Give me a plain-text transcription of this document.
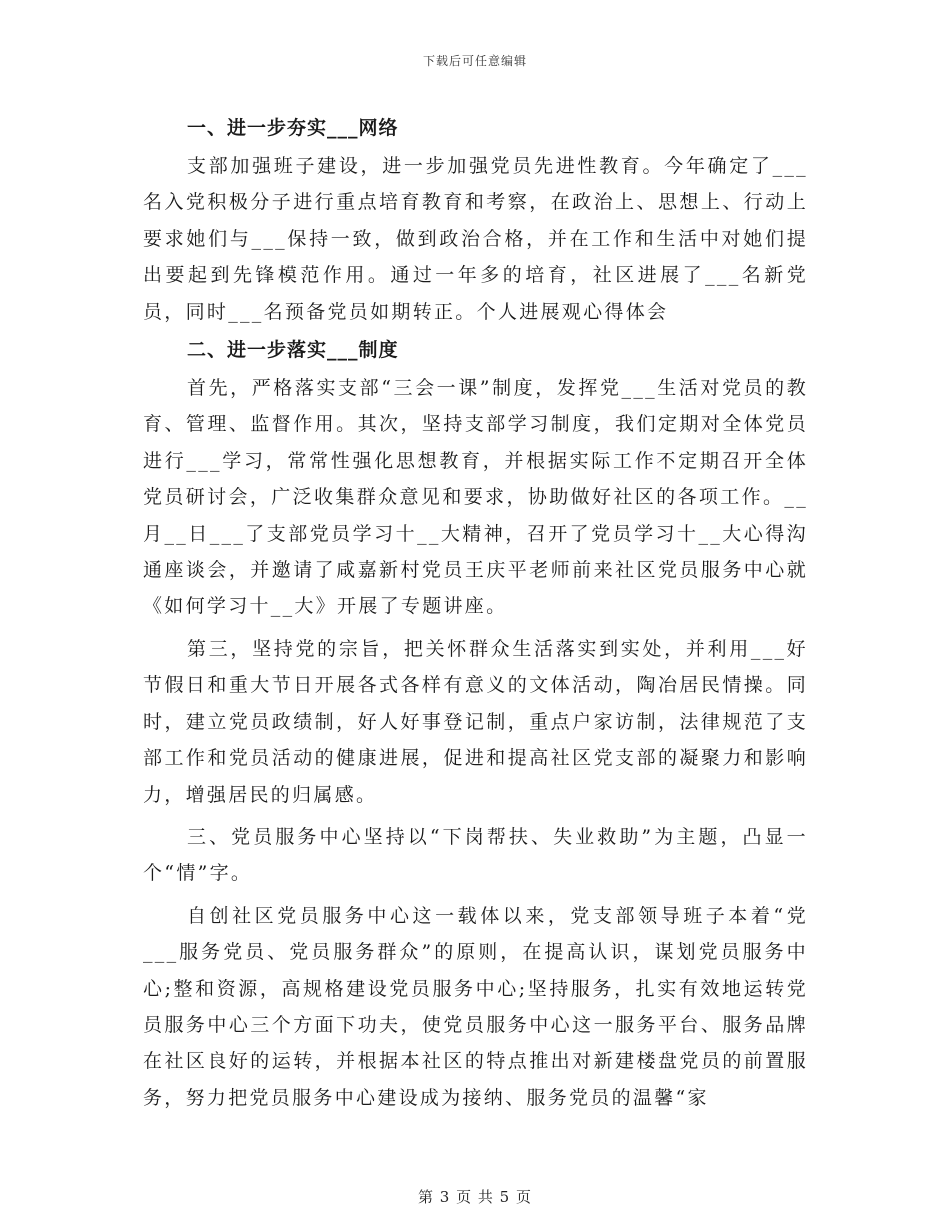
下载后可任意编辑
一、进一步夯实___网络

支部加强班子建设，进一步加强党员先进性教育。今年确定了___名入党积极分子进行重点培育教育和考察，在政治上、思想上、行动上要求她们与___保持一致，做到政治合格，并在工作和生活中对她们提出要起到先锋模范作用。通过一年多的培育，社区进展了___名新党员，同时___名预备党员如期转正。个人进展观心得体会

二、进一步落实___制度

首先，严格落实支部“三会一课”制度，发挥党___生活对党员的教育、管理、监督作用。其次，坚持支部学习制度，我们定期对全体党员进行___学习，常常性强化思想教育，并根据实际工作不定期召开全体党员研讨会，广泛收集群众意见和要求，协助做好社区的各项工作。__月__日___了支部党员学习十__大精神，召开了党员学习十__大心得沟通座谈会，并邀请了咸嘉新村党员王庆平老师前来社区党员服务中心就《如何学习十__大》开展了专题讲座。

第三，坚持党的宗旨，把关怀群众生活落实到实处，并利用___好节假日和重大节日开展各式各样有意义的文体活动，陶冶居民情操。同时，建立党员政绩制，好人好事登记制，重点户家访制，法律规范了支部工作和党员活动的健康进展，促进和提高社区党支部的凝聚力和影响力，增强居民的归属感。

三、党员服务中心坚持以“下岗帮扶、失业救助”为主题，凸显一个“情”字。

自创社区党员服务中心这一载体以来，党支部领导班子本着“党___服务党员、党员服务群众”的原则，在提高认识，谋划党员服务中心;整和资源，高规格建设党员服务中心;坚持服务，扎实有效地运转党员服务中心三个方面下功夫，使党员服务中心这一服务平台、服务品牌在社区良好的运转，并根据本社区的特点推出对新建楼盘党员的前置服务，努力把党员服务中心建设成为接纳、服务党员的温馨“家

第 3 页 共 5 页
